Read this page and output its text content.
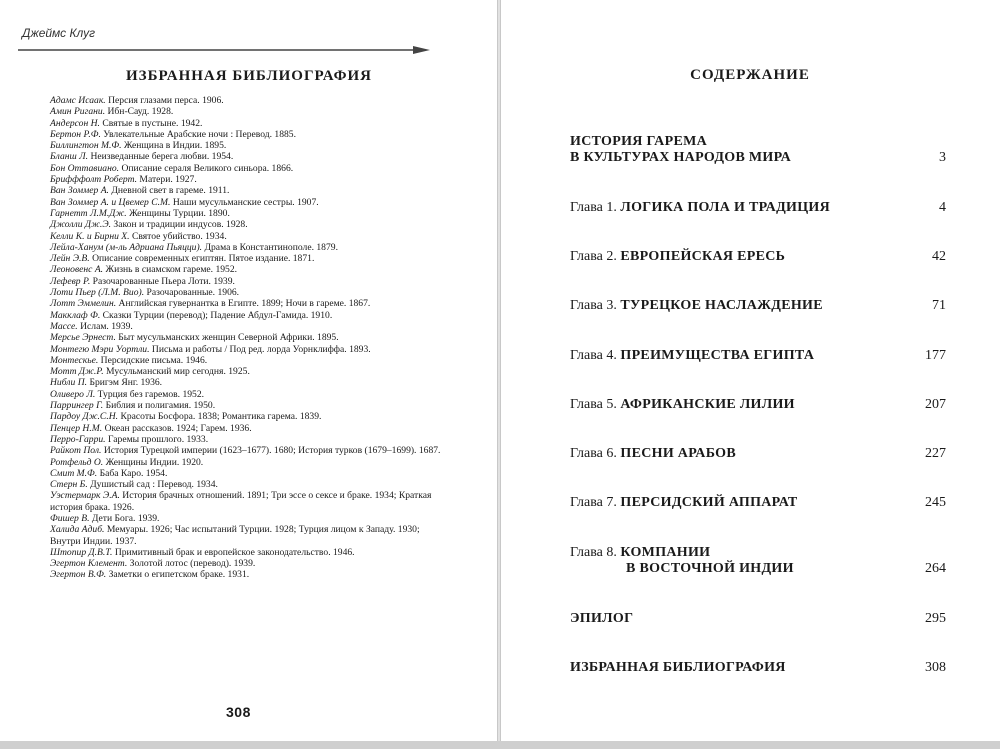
Джеймс Клуг
ИЗБРАННАЯ БИБЛИОГРАФИЯ
Адамс Исаак. Персия глазами перса. 1906.
Амин Ригани. Ибн-Сауд. 1928.
Андерсон Н. Святые в пустыне. 1942.
Бертон Р.Ф. Увлекательные Арабские ночи : Перевод. 1885.
Биллингтон М.Ф. Женщина в Индии. 1895.
Бланш Л. Неизведанные берега любви. 1954.
Бон Оттавиано. Описание сераля Великого синьора. 1866.
Брифффолт Роберт. Матери. 1927.
Ван Зоммер А. Дневной свет в гареме. 1911.
Ван Зоммер А. и Цвемер С.М. Наши мусульманские сестры. 1907.
Гарнетт Л.М.Дж. Женщины Турции. 1890.
Джолли Дж.Э. Закон и традиции индусов. 1928.
Келли К. и Бирни Х. Святое убийство. 1934.
Лейла-Ханум (м-ль Адриана Пьяцци). Драма в Константинополе. 1879.
Лейн Э.В. Описание современных египтян. Пятое издание. 1871.
Леоновенс А. Жизнь в сиамском гареме. 1952.
Лефевр Р. Разочарованные Пьера Лоти. 1939.
Лоти Пьер (Л.М. Вио). Разочарованные. 1906.
Лотт Эммелин. Английская гувернантка в Египте. 1899; Ночи в гареме. 1867.
Макклаф Ф. Сказки Турции (перевод); Падение Абдул-Гамида. 1910.
Массе. Ислам. 1939.
Мерсье Эрнест. Быт мусульманских женщин Северной Африки. 1895.
Монтегю Мэри Уортли. Письма и работы / Под ред. лорда Уорнклиффа. 1893.
Монтескье. Персидские письма. 1946.
Мотт Дж.Р. Мусульманский мир сегодня. 1925.
Нибли П. Бригэм Янг. 1936.
Оливеро Л. Турция без гаремов. 1952.
Паррингер Г. Библия и полигамия. 1950.
Пардоу Дж.С.Н. Красоты Босфора. 1838; Романтика гарема. 1839.
Пенцер Н.М. Океан рассказов. 1924; Гарем. 1936.
Перро-Гарри. Гаремы прошлого. 1933.
Райкот Пол. История Турецкой империи (1623–1677). 1680; История турков (1679–1699). 1687.
Ротфельд О. Женщины Индии. 1920.
Смит М.Ф. Баба Каро. 1954.
Стерн Б. Душистый сад : Перевод. 1934.
Уэстермарк Э.А. История брачных отношений. 1891; Три эссе о сексе и браке. 1934; Краткая история брака. 1926.
Фишер В. Дети Бога. 1939.
Халида Адиб. Мемуары. 1926; Час испытаний Турции. 1928; Турция лицом к Западу. 1930; Внутри Индии. 1937.
Штопир Д.В.Т. Примитивный брак и европейское законодательство. 1946.
Эгертон Клемент. Золотой лотос (перевод). 1939.
Эгертон В.Ф. Заметки о египетском браке. 1931.
308
СОДЕРЖАНИЕ
ИСТОРИЯ ГАРЕМА
В КУЛЬТУРАХ НАРОДОВ МИРА	3
Глава 1. ЛОГИКА ПОЛА И ТРАДИЦИЯ	4
Глава 2. ЕВРОПЕЙСКАЯ ЕРЕСЬ	42
Глава 3. ТУРЕЦКОЕ НАСЛАЖДЕНИЕ	71
Глава 4. ПРЕИМУЩЕСТВА ЕГИПТА	177
Глава 5. АФРИКАНСКИЕ ЛИЛИИ	207
Глава 6. ПЕСНИ АРАБОВ	227
Глава 7. ПЕРСИДСКИЙ АППАРАТ	245
Глава 8. КОМПАНИИ
В ВОСТОЧНОЙ ИНДИИ	264
ЭПИЛОГ	295
ИЗБРАННАЯ БИБЛИОГРАФИЯ	308
